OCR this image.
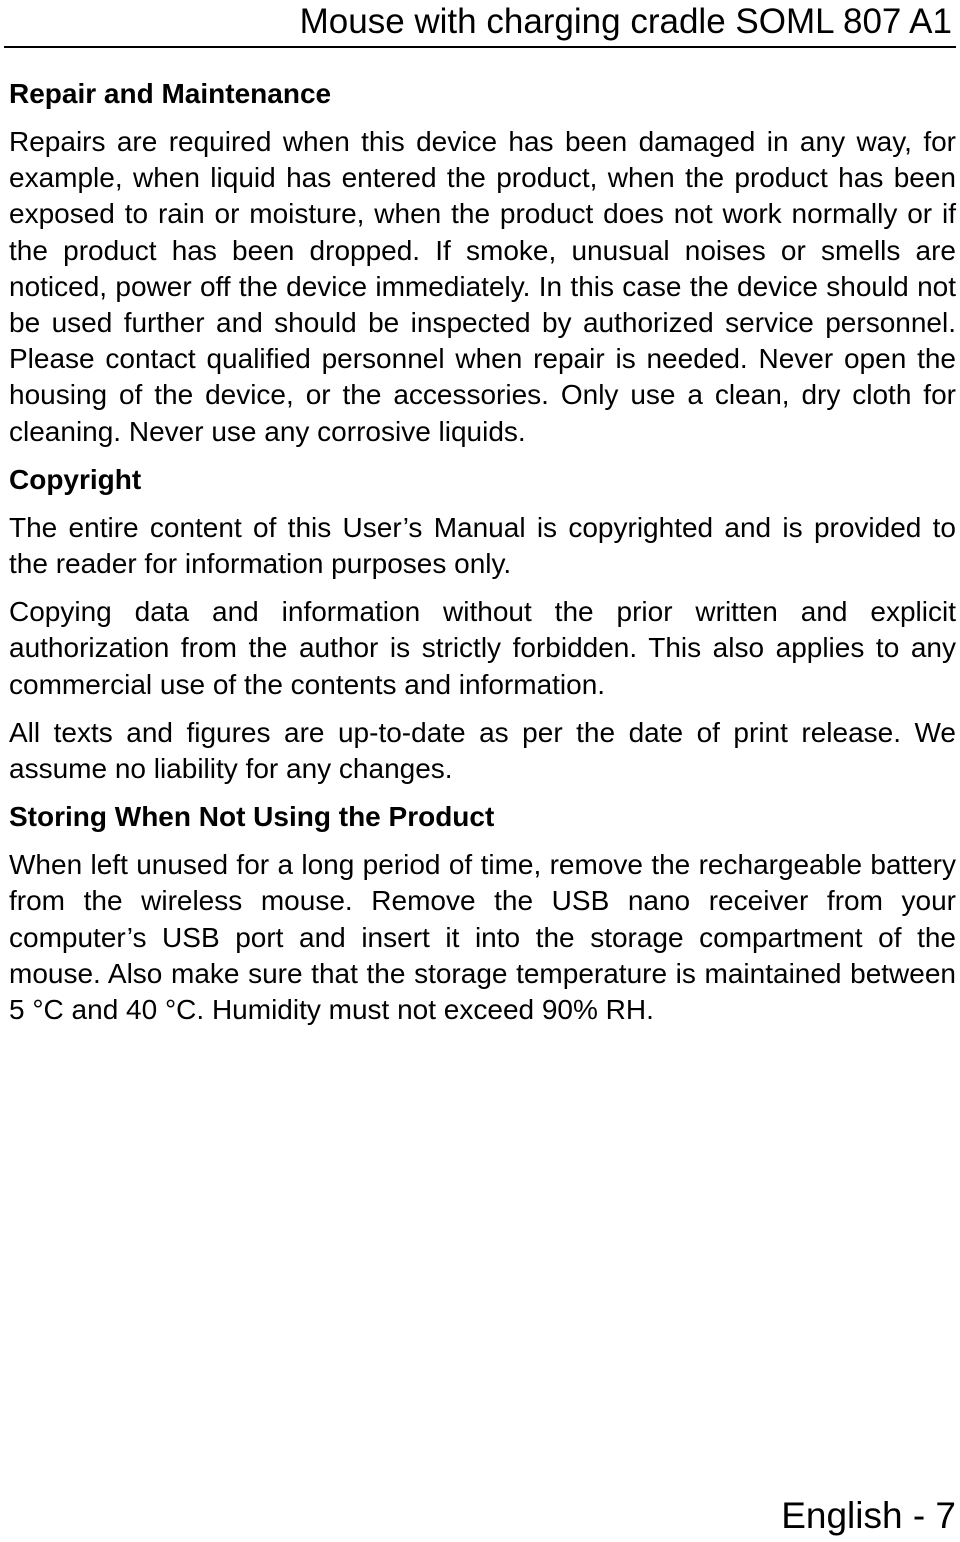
Mouse with charging cradle SOML 807 A1
Repair and Maintenance

Repairs are required when this device has been damaged in any way, for example, when liquid has entered the product, when the product has been exposed to rain or moisture, when the product does not work normally or if the product has been dropped. If smoke, unusual noises or smells are noticed, power off the device immediately. In this case the device should not be used further and should be inspected by authorized service personnel. Please contact qualified personnel when repair is needed. Never open the housing of the device, or the accessories. Only use a clean, dry cloth for cleaning. Never use any corrosive liquids.

Copyright

The entire content of this User’s Manual is copyrighted and is provided to the reader for information purposes only.

Copying data and information without the prior written and explicit authorization from the author is strictly forbidden. This also applies to any commercial use of the contents and information.

All texts and figures are up-to-date as per the date of print release. We assume no liability for any changes.

Storing When Not Using the Product

When left unused for a long period of time, remove the rechargeable battery from the wireless mouse. Remove the USB nano receiver from your computer’s USB port and insert it into the storage compartment of the mouse. Also make sure that the storage temperature is maintained between 5 °C and 40 °C. Humidity must not exceed 90% RH.

English - 7
